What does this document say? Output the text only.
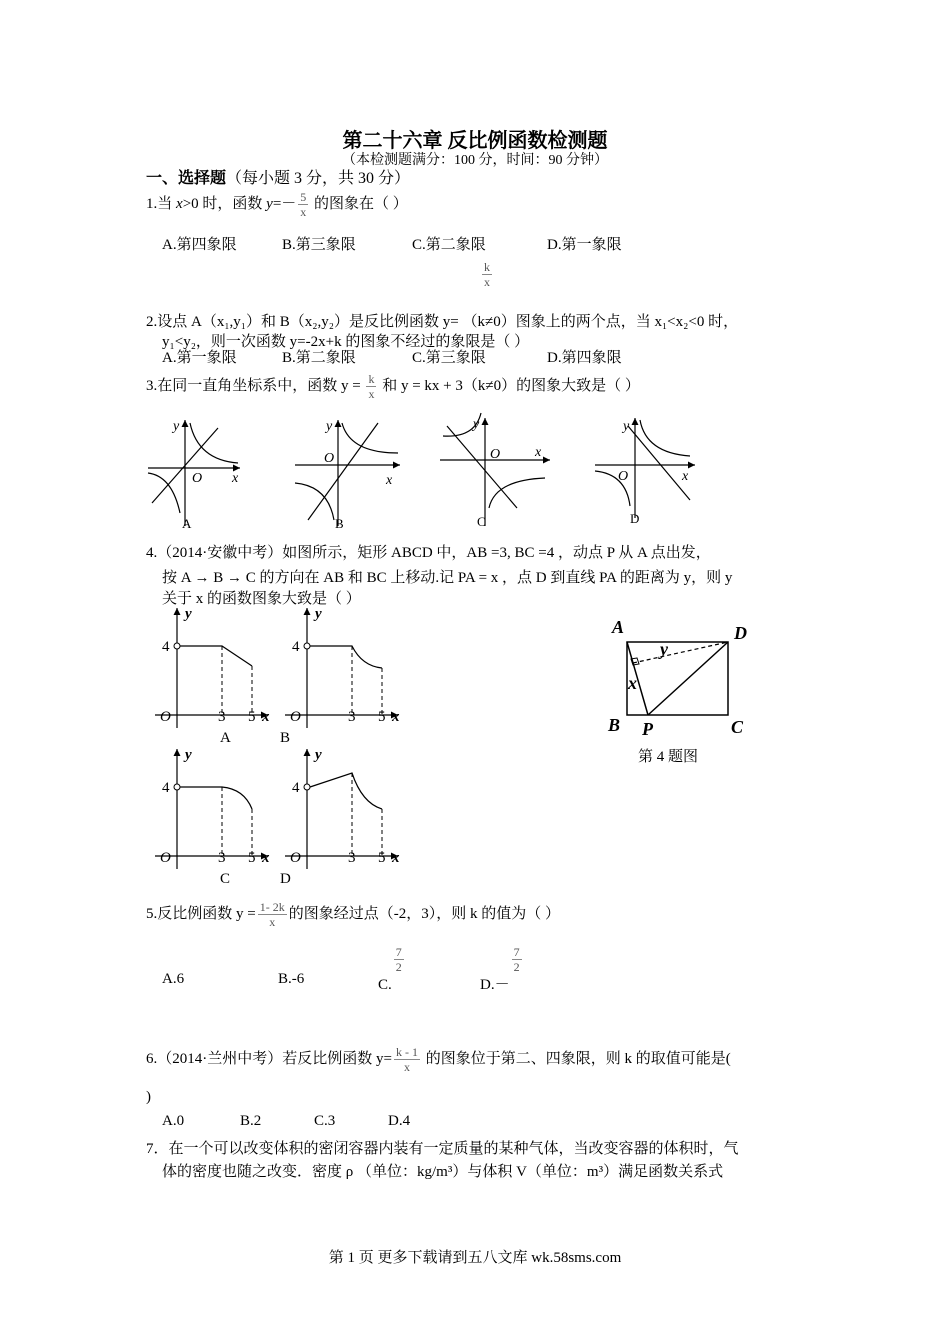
第二十六章 反比例函数检测题
（本检测题满分：100 分，时间：90 分钟）
一、选择题（每小题 3 分，共 30 分）
1.当 x>0 时，函数 $y=- \frac{5}{x}$ 的图象在（ ）
A.第四象限	B.第三象限	C.第二象限	D.第一象限
$\frac{k}{x}$
2.设点 A（x₁,y₁）和 B（x₂,y₂）是反比例函数 y= （k≠0）图象上的两个点，当 x₁<x₂<0 时，
y₁<y₂，则一次函数 y=-2x+k 的图象不经过的象限是（ ）
A.第一象限	B.第二象限	C.第三象限	D.第四象限
3.在同一直角坐标系中，函数 $y = \frac{k}{x}$ 和 y = kx + 3（k≠0）的图象大致是（ ）
y
O x
A
y
O
x
B
y
O x
C
y
O	x
D
4.（2014·安徽中考）如图所示，矩形 ABCD 中，AB =3, BC =4 ，动点 P 从 A 点出发，
按 A → B → C 的方向在 AB 和 BC 上移动.记 PA = x ，点 D 到直线 PA 的距离为 y，则 y
关于 x 的函数图象大致是（ ）
4
3 5
O	x
y
A
4
3 5
O	x
y
B
4
3 5
O	x
y
C
4
3 5
O	x
y
D
A	D
B	C
P
x
y
第 4 题图
5.反比例函数 $y = \frac{1- 2k}{x}$ 的图象经过点（-2，3），则 k 的值为（ ）
A.6	B.-6	C.
$\frac{7}{2}$
D.－
$\frac{7}{2}$
6.（2014·兰州中考）若反比例函数 $y= \frac{k - 1}{x}$ 的图象位于第二、四象限，则 k 的取值可能是(
)
A.0	B.2	C.3	D.4
7．在一个可以改变体积的密闭容器内装有一定质量的某种气体，当改变容器的体积时，气
体的密度也随之改变．密度 ρ （单位：kg/m³）与体积 V（单位：m³）满足函数关系式
第 1 页 更多下载请到五八文库 wk.58sms.com
